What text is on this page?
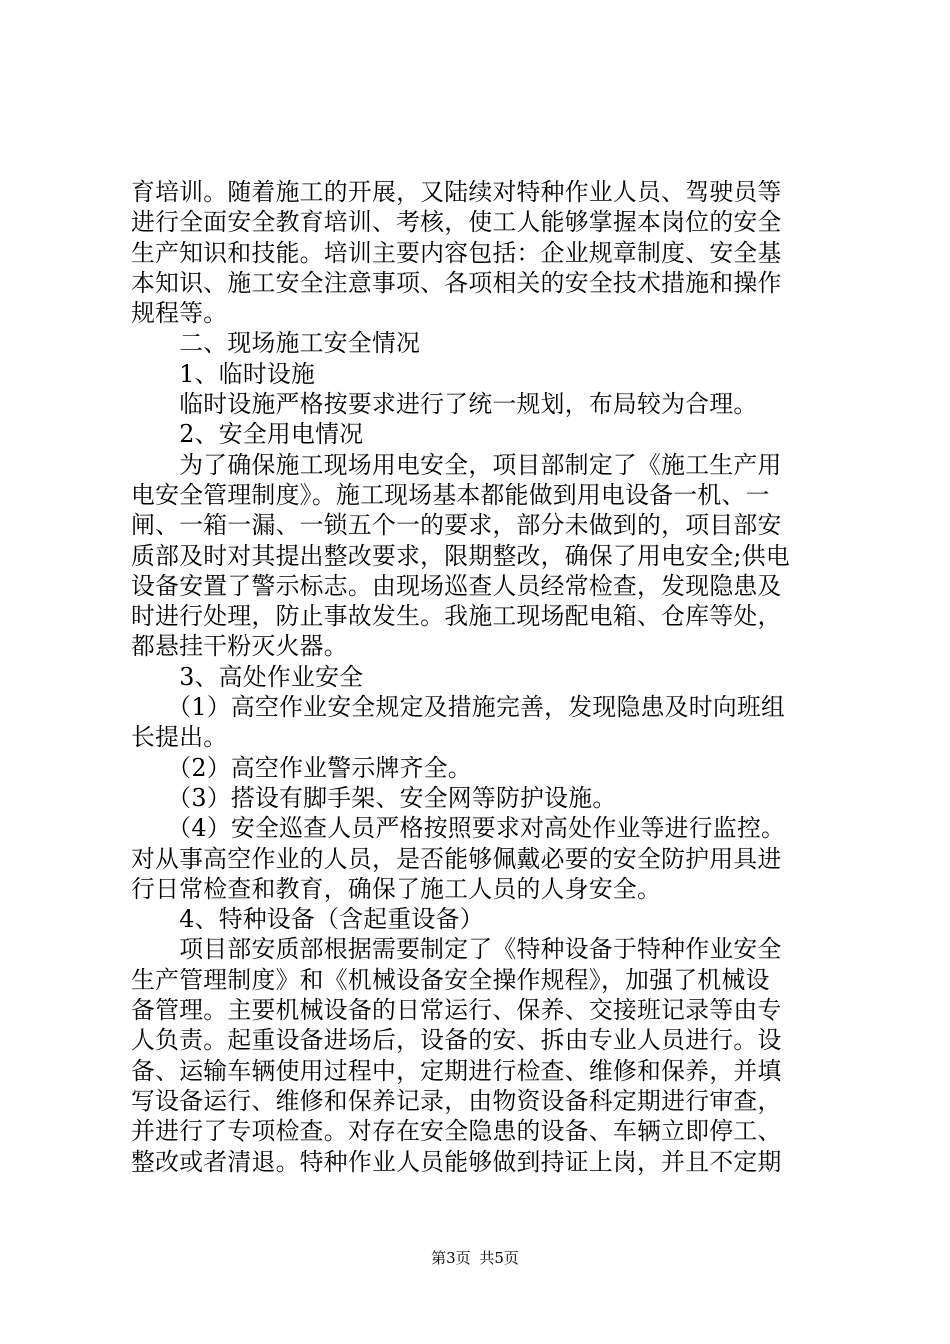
育培训。随着施工的开展，又陆续对特种作业人员、驾驶员等
进行全面安全教育培训、考核，使工人能够掌握本岗位的安全
生产知识和技能。培训主要内容包括：企业规章制度、安全基
本知识、施工安全注意事项、各项相关的安全技术措施和操作
规程等。
　　二、现场施工安全情况
　　1、临时设施
　　临时设施严格按要求进行了统一规划，布局较为合理。
　　2、安全用电情况
　　为了确保施工现场用电安全，项目部制定了《施工生产用
电安全管理制度》。施工现场基本都能做到用电设备一机、一
闸、一箱一漏、一锁五个一的要求，部分未做到的，项目部安
质部及时对其提出整改要求，限期整改，确保了用电安全;供电
设备安置了警示标志。由现场巡查人员经常检查，发现隐患及
时进行处理，防止事故发生。我施工现场配电箱、仓库等处，
都悬挂干粉灭火器。
　　3、高处作业安全
　　（1）高空作业安全规定及措施完善，发现隐患及时向班组
长提出。
　　（2）高空作业警示牌齐全。
　　（3）搭设有脚手架、安全网等防护设施。
　　（4）安全巡查人员严格按照要求对高处作业等进行监控。
对从事高空作业的人员，是否能够佩戴必要的安全防护用具进
行日常检查和教育，确保了施工人员的人身安全。
　　4、特种设备（含起重设备）
　　项目部安质部根据需要制定了《特种设备于特种作业安全
生产管理制度》和《机械设备安全操作规程》，加强了机械设
备管理。主要机械设备的日常运行、保养、交接班记录等由专
人负责。起重设备进场后，设备的安、拆由专业人员进行。设
备、运输车辆使用过程中，定期进行检查、维修和保养，并填
写设备运行、维修和保养记录，由物资设备科定期进行审查，
并进行了专项检查。对存在安全隐患的设备、车辆立即停工、
整改或者清退。特种作业人员能够做到持证上岗，并且不定期
第3页 共5页
